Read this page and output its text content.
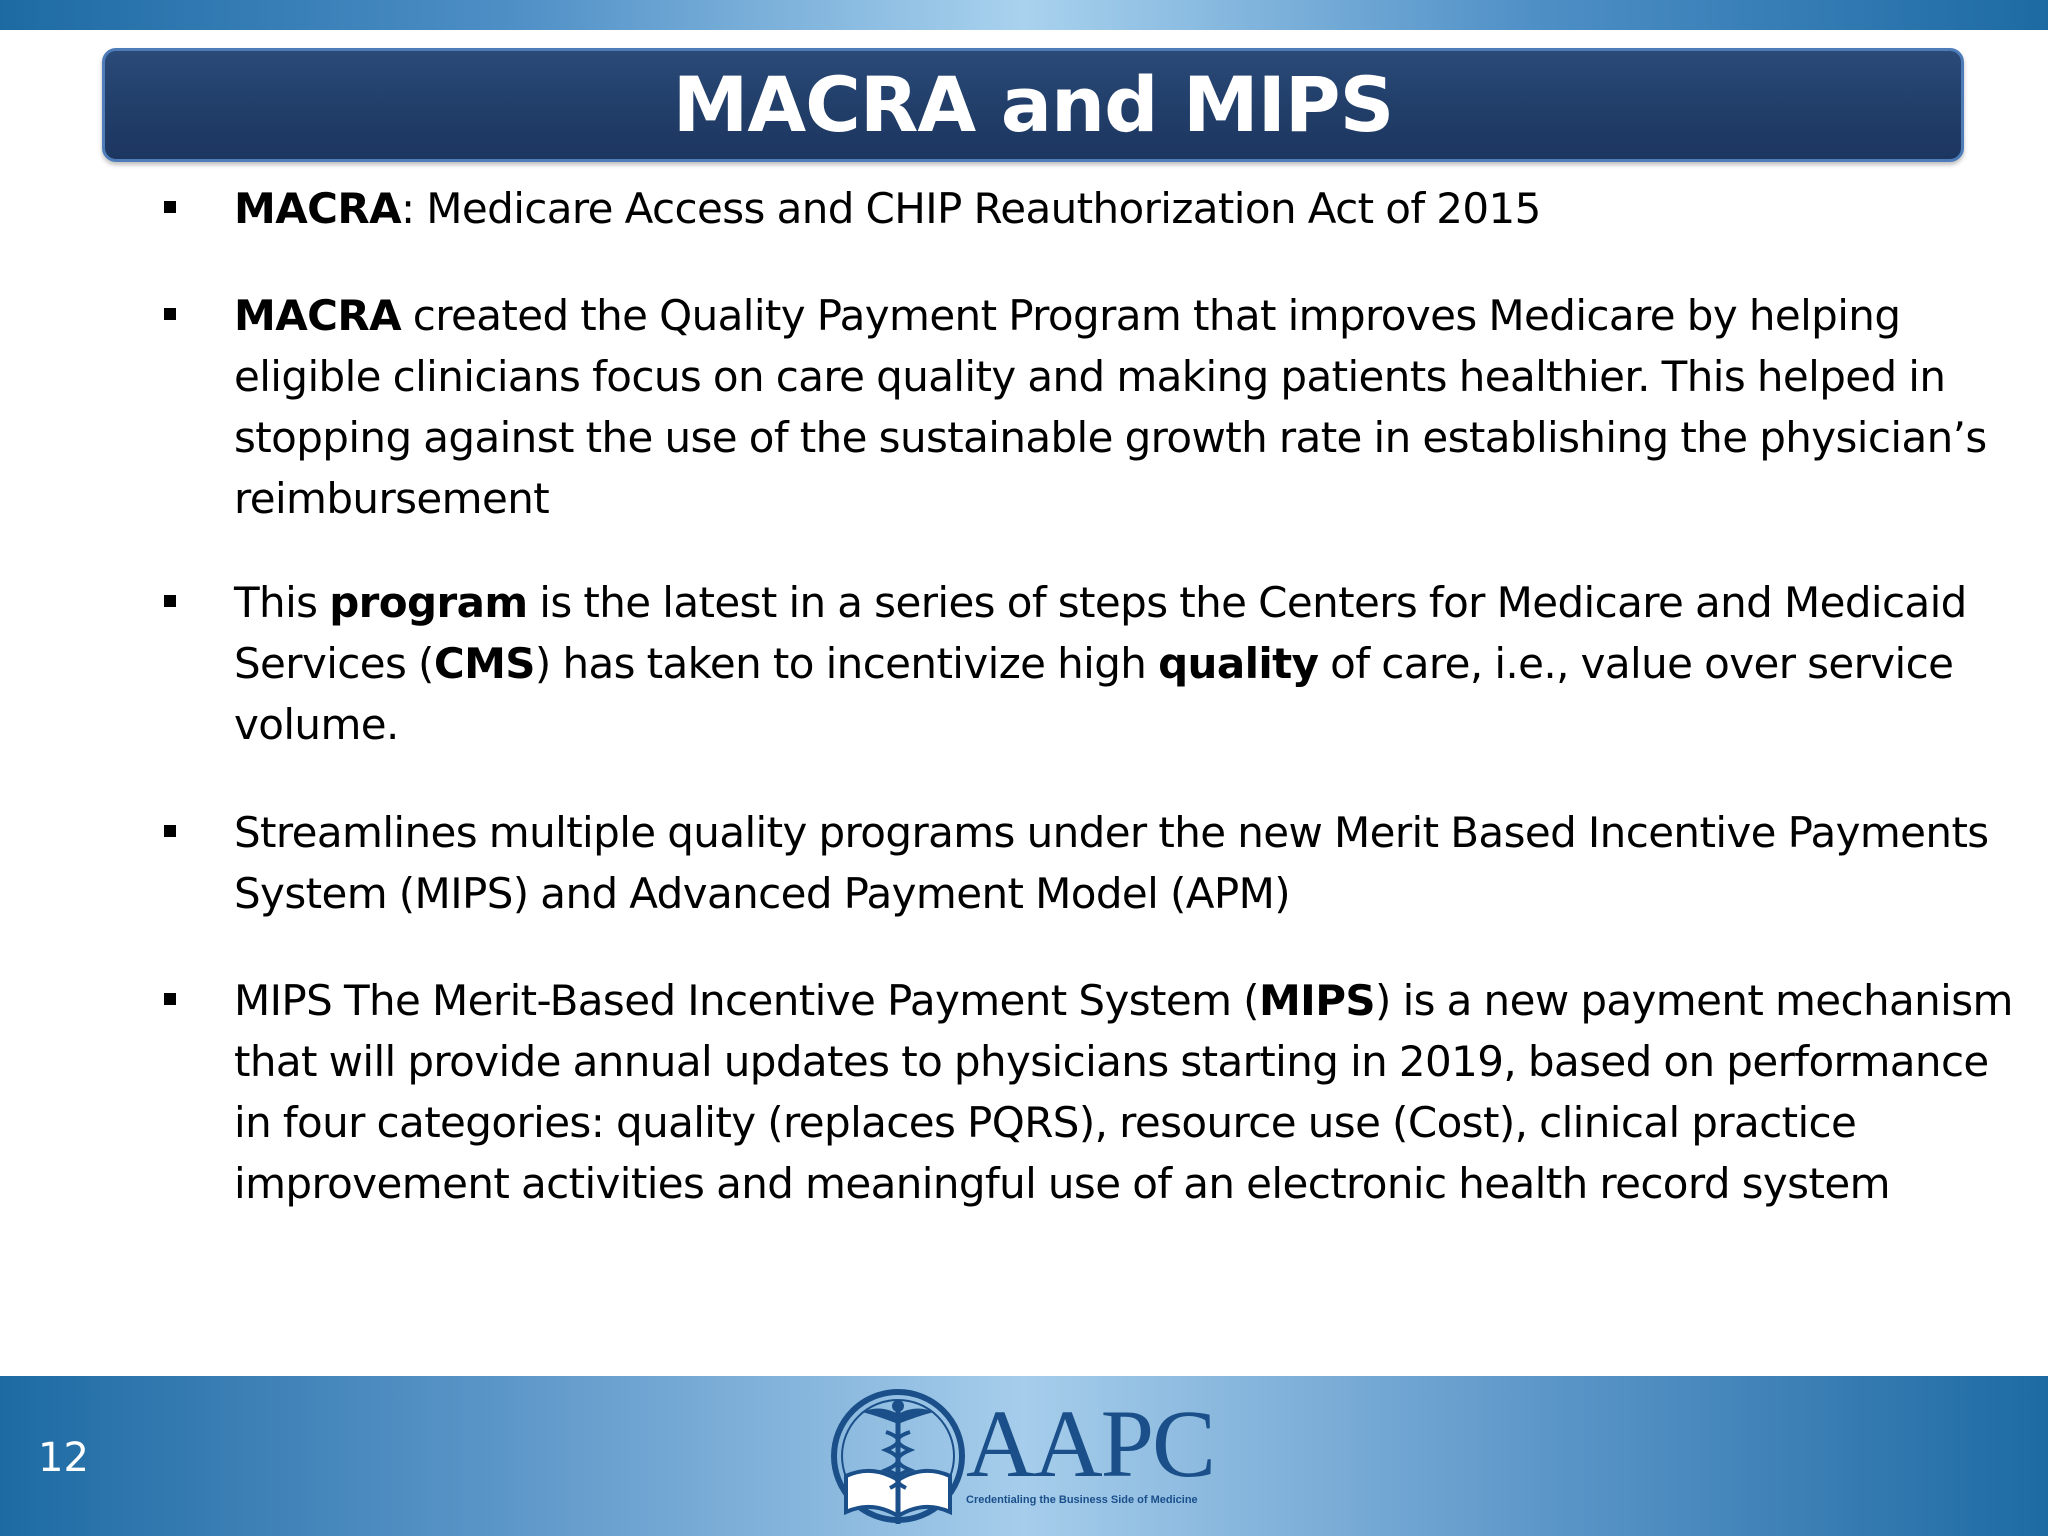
MACRA and MIPS
MACRA: Medicare Access and CHIP Reauthorization Act of 2015
MACRA created the Quality Payment Program that improves Medicare by helping eligible clinicians focus on care quality and making patients healthier. This helped in stopping against the use of the sustainable growth rate in establishing the physician’s reimbursement
This program is the latest in a series of steps the Centers for Medicare and Medicaid Services (CMS) has taken to incentivize high quality of care, i.e., value over service volume.
Streamlines multiple quality programs under the new Merit Based Incentive Payments System (MIPS) and Advanced Payment Model (APM)
MIPS The Merit-Based Incentive Payment System (MIPS) is a new payment mechanism that will provide annual updates to physicians starting in 2019, based on performance in four categories: quality (replaces PQRS), resource use (Cost), clinical practice improvement activities and meaningful use of an electronic health record system
12	AAPC
Credentialing the Business Side of Medicine
